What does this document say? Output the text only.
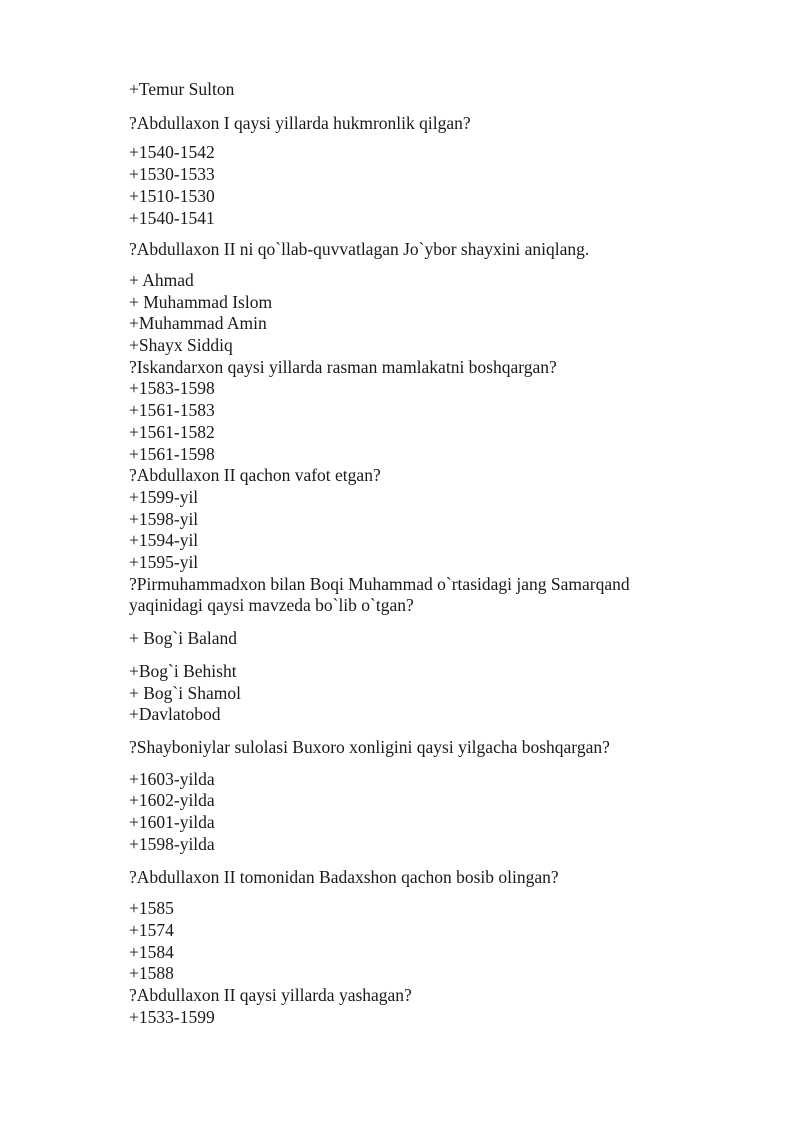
+Temur Sulton

?Abdullaxon I qaysi yillarda hukmronlik qilgan?

+1540-1542

+1530-1533

+1510-1530

+1540-1541

?Abdullaxon II ni qo`llab-quvvatlagan Jo`ybor shayxini aniqlang.

+ Ahmad

+ Muhammad Islom

+Muhammad Amin

+Shayx Siddiq

?Iskandarxon qaysi yillarda rasman mamlakatni boshqargan?

+1583-1598

+1561-1583

+1561-1582

+1561-1598

?Abdullaxon II qachon vafot etgan?

+1599-yil

+1598-yil

+1594-yil

+1595-yil

?Pirmuhammadxon bilan Boqi Muhammad o`rtasidagi jang Samarqand

yaqinidagi qaysi mavzeda bo`lib o`tgan?

+ Bog`i Baland

+Bog`i Behisht

+ Bog`i Shamol

+Davlatobod

?Shayboniylar sulolasi Buxoro xonligini qaysi yilgacha boshqargan?

+1603-yilda

+1602-yilda

+1601-yilda

+1598-yilda

?Abdullaxon II tomonidan Badaxshon qachon bosib olingan?

+1585

+1574

+1584

+1588

?Abdullaxon II qaysi yillarda yashagan?

+1533-1599
